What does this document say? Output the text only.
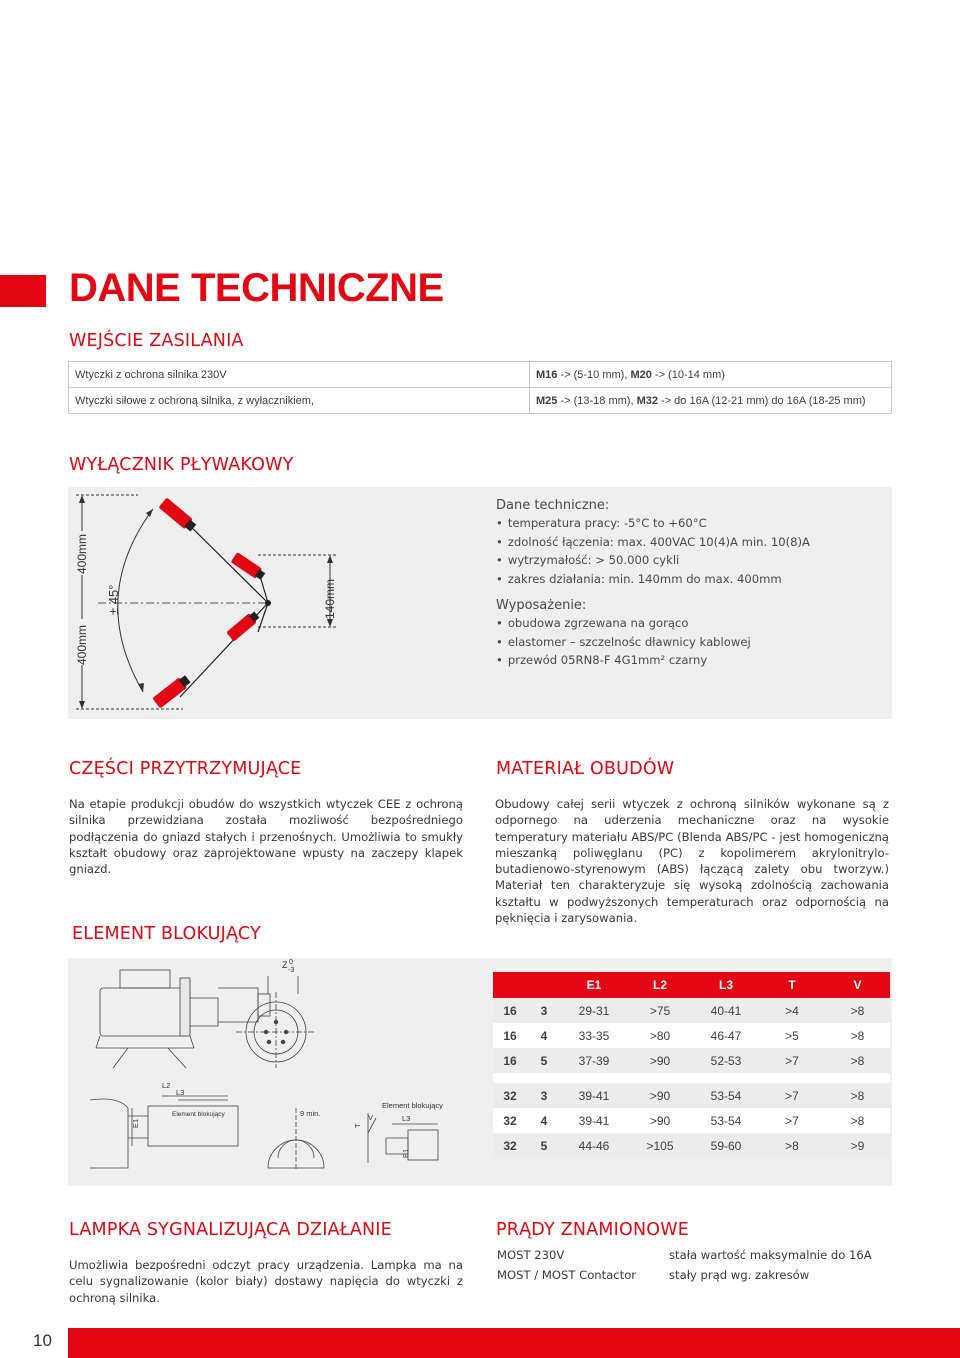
DANE TECHNICZNE
WEJŚCIE ZASILANIA
Wtyczki z ochrona silnika 230V	M16 -> (5-10 mm), M20 -> (10-14 mm)
Wtyczki siłowe z ochroną silnika, z wyłacznikiem,	M25 -> (13-18 mm), M32 -> do 16A (12-21 mm) do 16A (18-25 mm)
WYŁĄCZNIK PŁYWAKOWY
400mm
400mm
± 45°	140mm
Dane techniczne:
• temperatura pracy: -5°C to +60°C
• zdolność łączenia: max. 400VAC 10(4)A min. 10(8)A
• wytrzymałość: > 50.000 cykli
• zakres działania: min. 140mm do max. 400mm
Wyposażenie:
• obudowa zgrzewana na gorąco
• elastomer – szczelnośc dławnicy kablowej
• przewód 05RN8-F 4G1mm² czarny
CZĘŚCI PRZYTRZYMUJĄCE
Na etapie produkcji obudów do wszystkich wtyczek CEE z ochroną silnika przewidziana została mozliwość bezpośredniego podłączenia do gniazd stałych i przenośnych. Umożliwia to smukły kształt obudowy oraz zaprojektowane wpusty na zaczepy klapek gniazd.
MATERIAŁ OBUDÓW
Obudowy całej serii wtyczek z ochroną silników wykonane są z odpornego na uderzenia mechaniczne oraz na wysokie temperatury materiału ABS/PC (Blenda ABS/PC - jest homogeniczną mieszanką poliwęglanu (PC) z kopolimerem akrylonitrylo-butadienowo-styrenowym (ABS) łączącą zalety obu tworzyw.) Materiał ten charakteryzuje się wysoką zdolnością zachowania kształtu w podwyższonych temperaturach oraz odpornością na pęknięcia i zarysowania.
ELEMENT BLOKUJĄCY
Z 0
-3
L2
L3
E1
Element blokujący	9 min.
T
V
Element blokujący
L3
E1
		E1	L2	L3	T	V
16	3	29-31	>75	40-41	>4	>8
16	4	33-35	>80	46-47	>5	>8
16	5	37-39	>90	52-53	>7	>8

32	3	39-41	>90	53-54	>7	>8
32	4	39-41	>90	53-54	>7	>8
32	5	44-46	>105	59-60	>8	>9
LAMPKA SYGNALIZUJĄCA DZIAŁANIE
Umożliwia bezpośredni odczyt pracy urządzenia. Lampka ma na celu sygnalizowanie (kolor biały) dostawy napięcia do wtyczki z ochroną silnika.
PRĄDY ZNAMIONOWE
MOST 230V	stała wartość maksymalnie do 16A
MOST / MOST Contactor	stały prąd wg. zakresów
10
